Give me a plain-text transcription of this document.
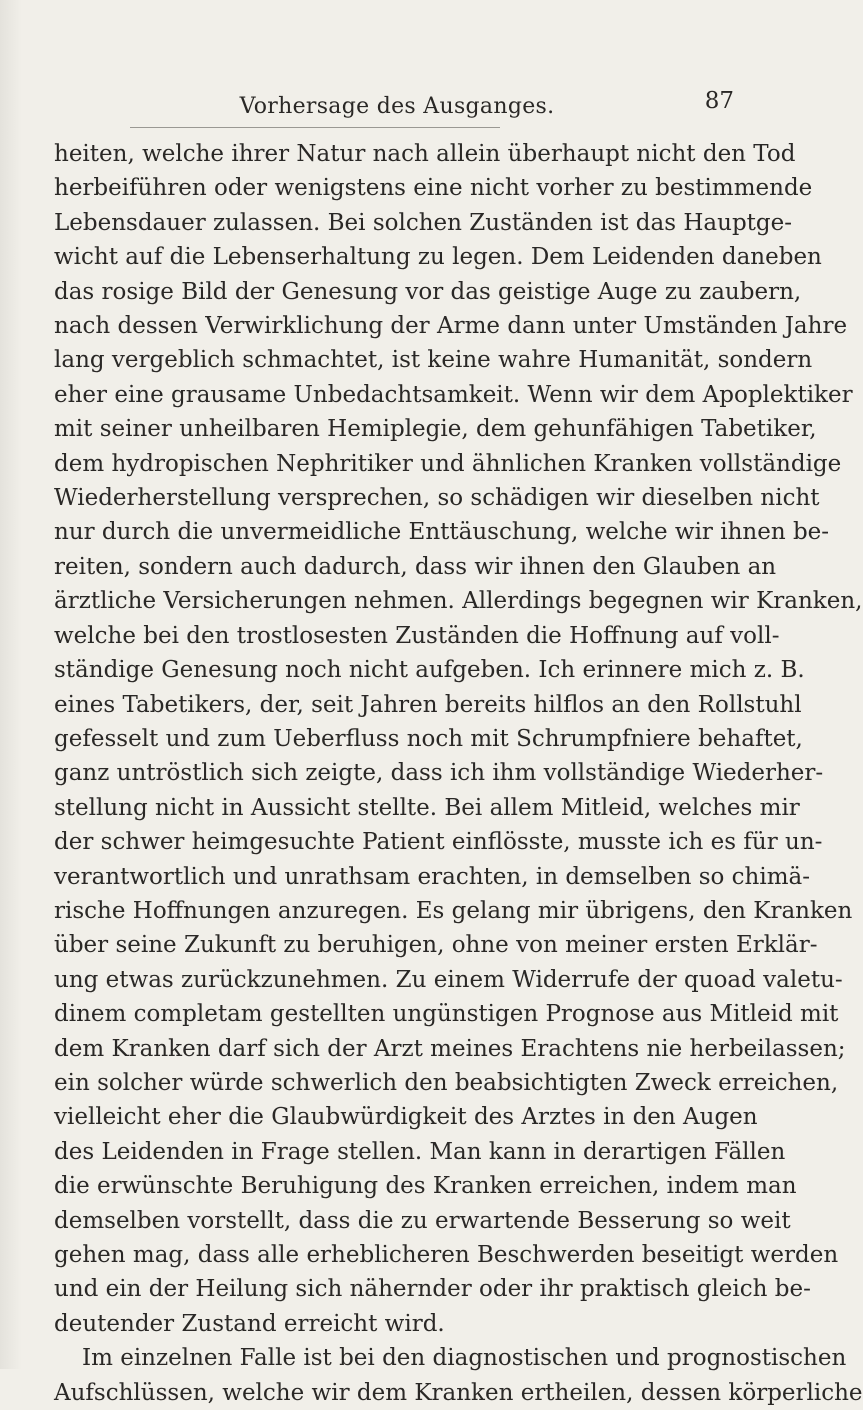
Vorhersage des Ausganges.	87
heiten, welche ihrer Natur nach allein überhaupt nicht den Tod
herbeiführen oder wenigstens eine nicht vorher zu bestimmende
Lebensdauer zulassen. Bei solchen Zuständen ist das Hauptge-
wicht auf die Lebenserhaltung zu legen. Dem Leidenden daneben
das rosige Bild der Genesung vor das geistige Auge zu zaubern,
nach dessen Verwirklichung der Arme dann unter Umständen Jahre
lang vergeblich schmachtet, ist keine wahre Humanität, sondern
eher eine grausame Unbedachtsamkeit. Wenn wir dem Apoplektiker
mit seiner unheilbaren Hemiplegie, dem gehunfähigen Tabetiker,
dem hydropischen Nephritiker und ähnlichen Kranken vollständige
Wiederherstellung versprechen, so schädigen wir dieselben nicht
nur durch die unvermeidliche Enttäuschung, welche wir ihnen be-
reiten, sondern auch dadurch, dass wir ihnen den Glauben an
ärztliche Versicherungen nehmen. Allerdings begegnen wir Kranken,
welche bei den trostlosesten Zuständen die Hoffnung auf voll-
ständige Genesung noch nicht aufgeben. Ich erinnere mich z. B.
eines Tabetikers, der, seit Jahren bereits hilflos an den Rollstuhl
gefesselt und zum Ueberfluss noch mit Schrumpfniere behaftet,
ganz untröstlich sich zeigte, dass ich ihm vollständige Wiederher-
stellung nicht in Aussicht stellte. Bei allem Mitleid, welches mir
der schwer heimgesuchte Patient einflösste, musste ich es für un-
verantwortlich und unrathsam erachten, in demselben so chimä-
rische Hoffnungen anzuregen. Es gelang mir übrigens, den Kranken
über seine Zukunft zu beruhigen, ohne von meiner ersten Erklär-
ung etwas zurückzunehmen. Zu einem Widerrufe der quoad valetu-
dinem completam gestellten ungünstigen Prognose aus Mitleid mit
dem Kranken darf sich der Arzt meines Erachtens nie herbeilassen;
ein solcher würde schwerlich den beabsichtigten Zweck erreichen,
vielleicht eher die Glaubwürdigkeit des Arztes in den Augen
des Leidenden in Frage stellen. Man kann in derartigen Fällen
die erwünschte Beruhigung des Kranken erreichen, indem man
demselben vorstellt, dass die zu erwartende Besserung so weit
gehen mag, dass alle erheblicheren Beschwerden beseitigt werden
und ein der Heilung sich nähernder oder ihr praktisch gleich be-
deutender Zustand erreicht wird.
Im einzelnen Falle ist bei den diagnostischen und prognostischen
Aufschlüssen, welche wir dem Kranken ertheilen, dessen körperliche
